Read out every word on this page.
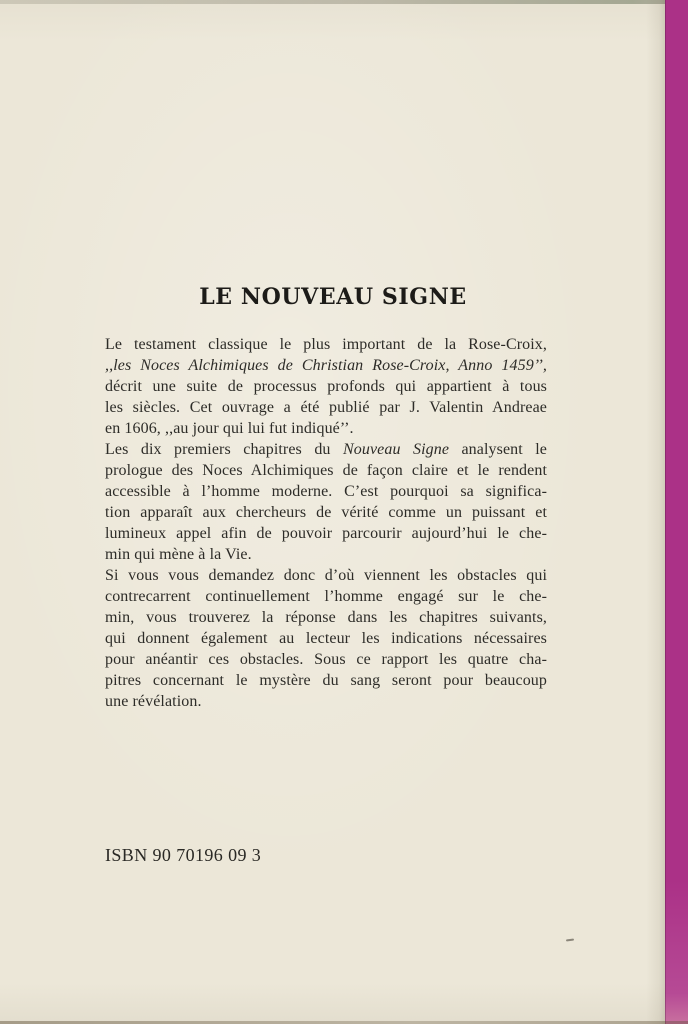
LE NOUVEAU SIGNE
Le testament classique le plus important de la Rose-Croix,
,,les Noces Alchimiques de Christian Rose-Croix, Anno 1459’’,
décrit une suite de processus profonds qui appartient à tous
les siècles. Cet ouvrage a été publié par J. Valentin Andreae
en 1606, ,,au jour qui lui fut indiqué’’.
Les dix premiers chapitres du Nouveau Signe analysent le
prologue des Noces Alchimiques de façon claire et le rendent
accessible à l’homme moderne. C’est pourquoi sa significa-
tion apparaît aux chercheurs de vérité comme un puissant et
lumineux appel afin de pouvoir parcourir aujourd’hui le che-
min qui mène à la Vie.
Si vous vous demandez donc d’où viennent les obstacles qui
contrecarrent continuellement l’homme engagé sur le che-
min, vous trouverez la réponse dans les chapitres suivants,
qui donnent également au lecteur les indications nécessaires
pour anéantir ces obstacles. Sous ce rapport les quatre cha-
pitres concernant le mystère du sang seront pour beaucoup
une révélation.
ISBN 90 70196 09 3
